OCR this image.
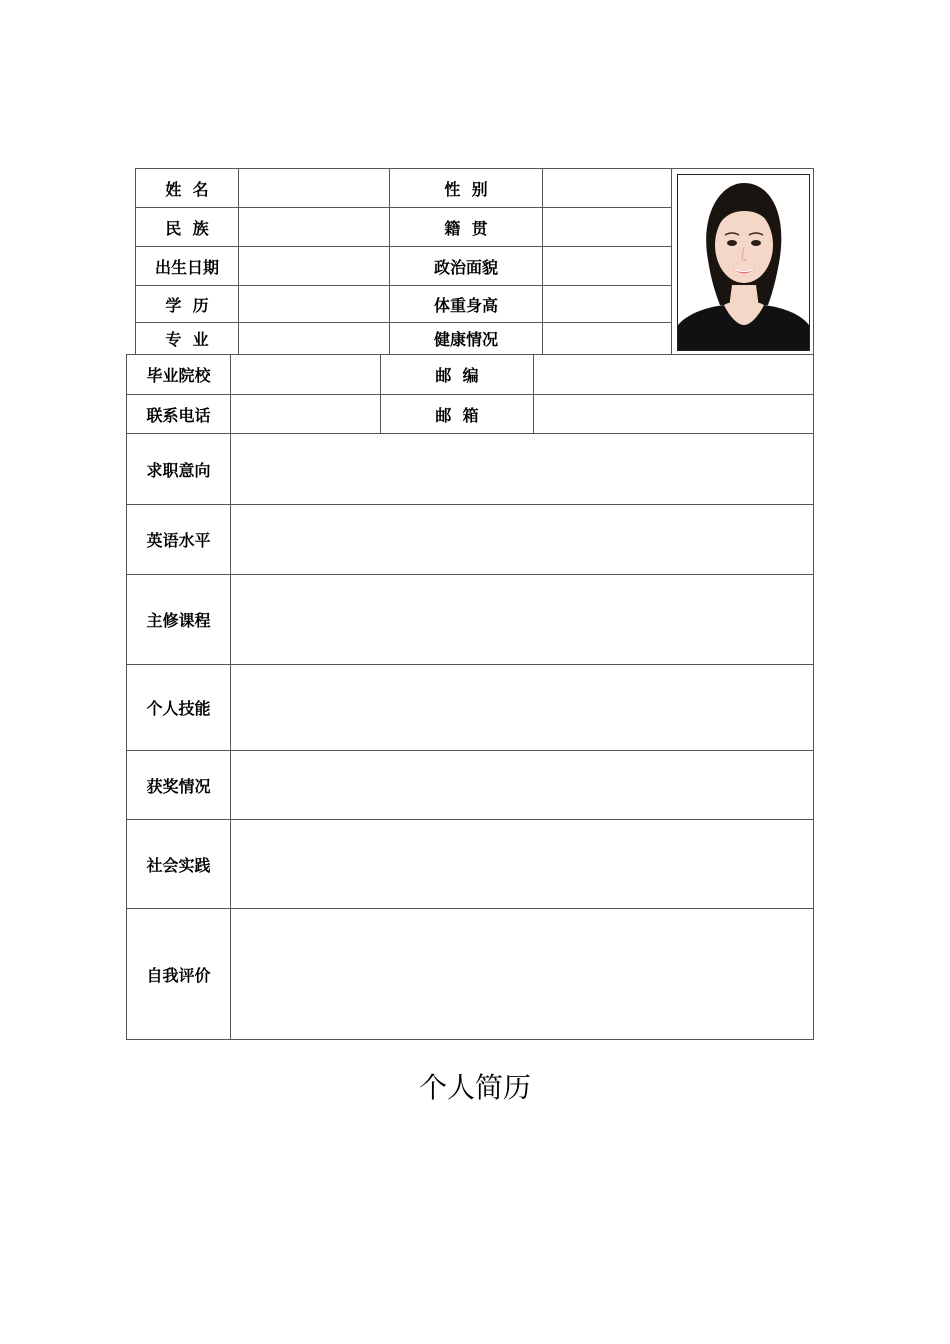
姓  名	性  别
民  族	籍  贯
出生日期	政治面貌
学  历	体重身高
专  业	健康情况
毕业院校	邮  编
联系电话	邮  箱
求职意向
英语水平
主修课程
个人技能
获奖情况
社会实践
自我评价
个人简历
